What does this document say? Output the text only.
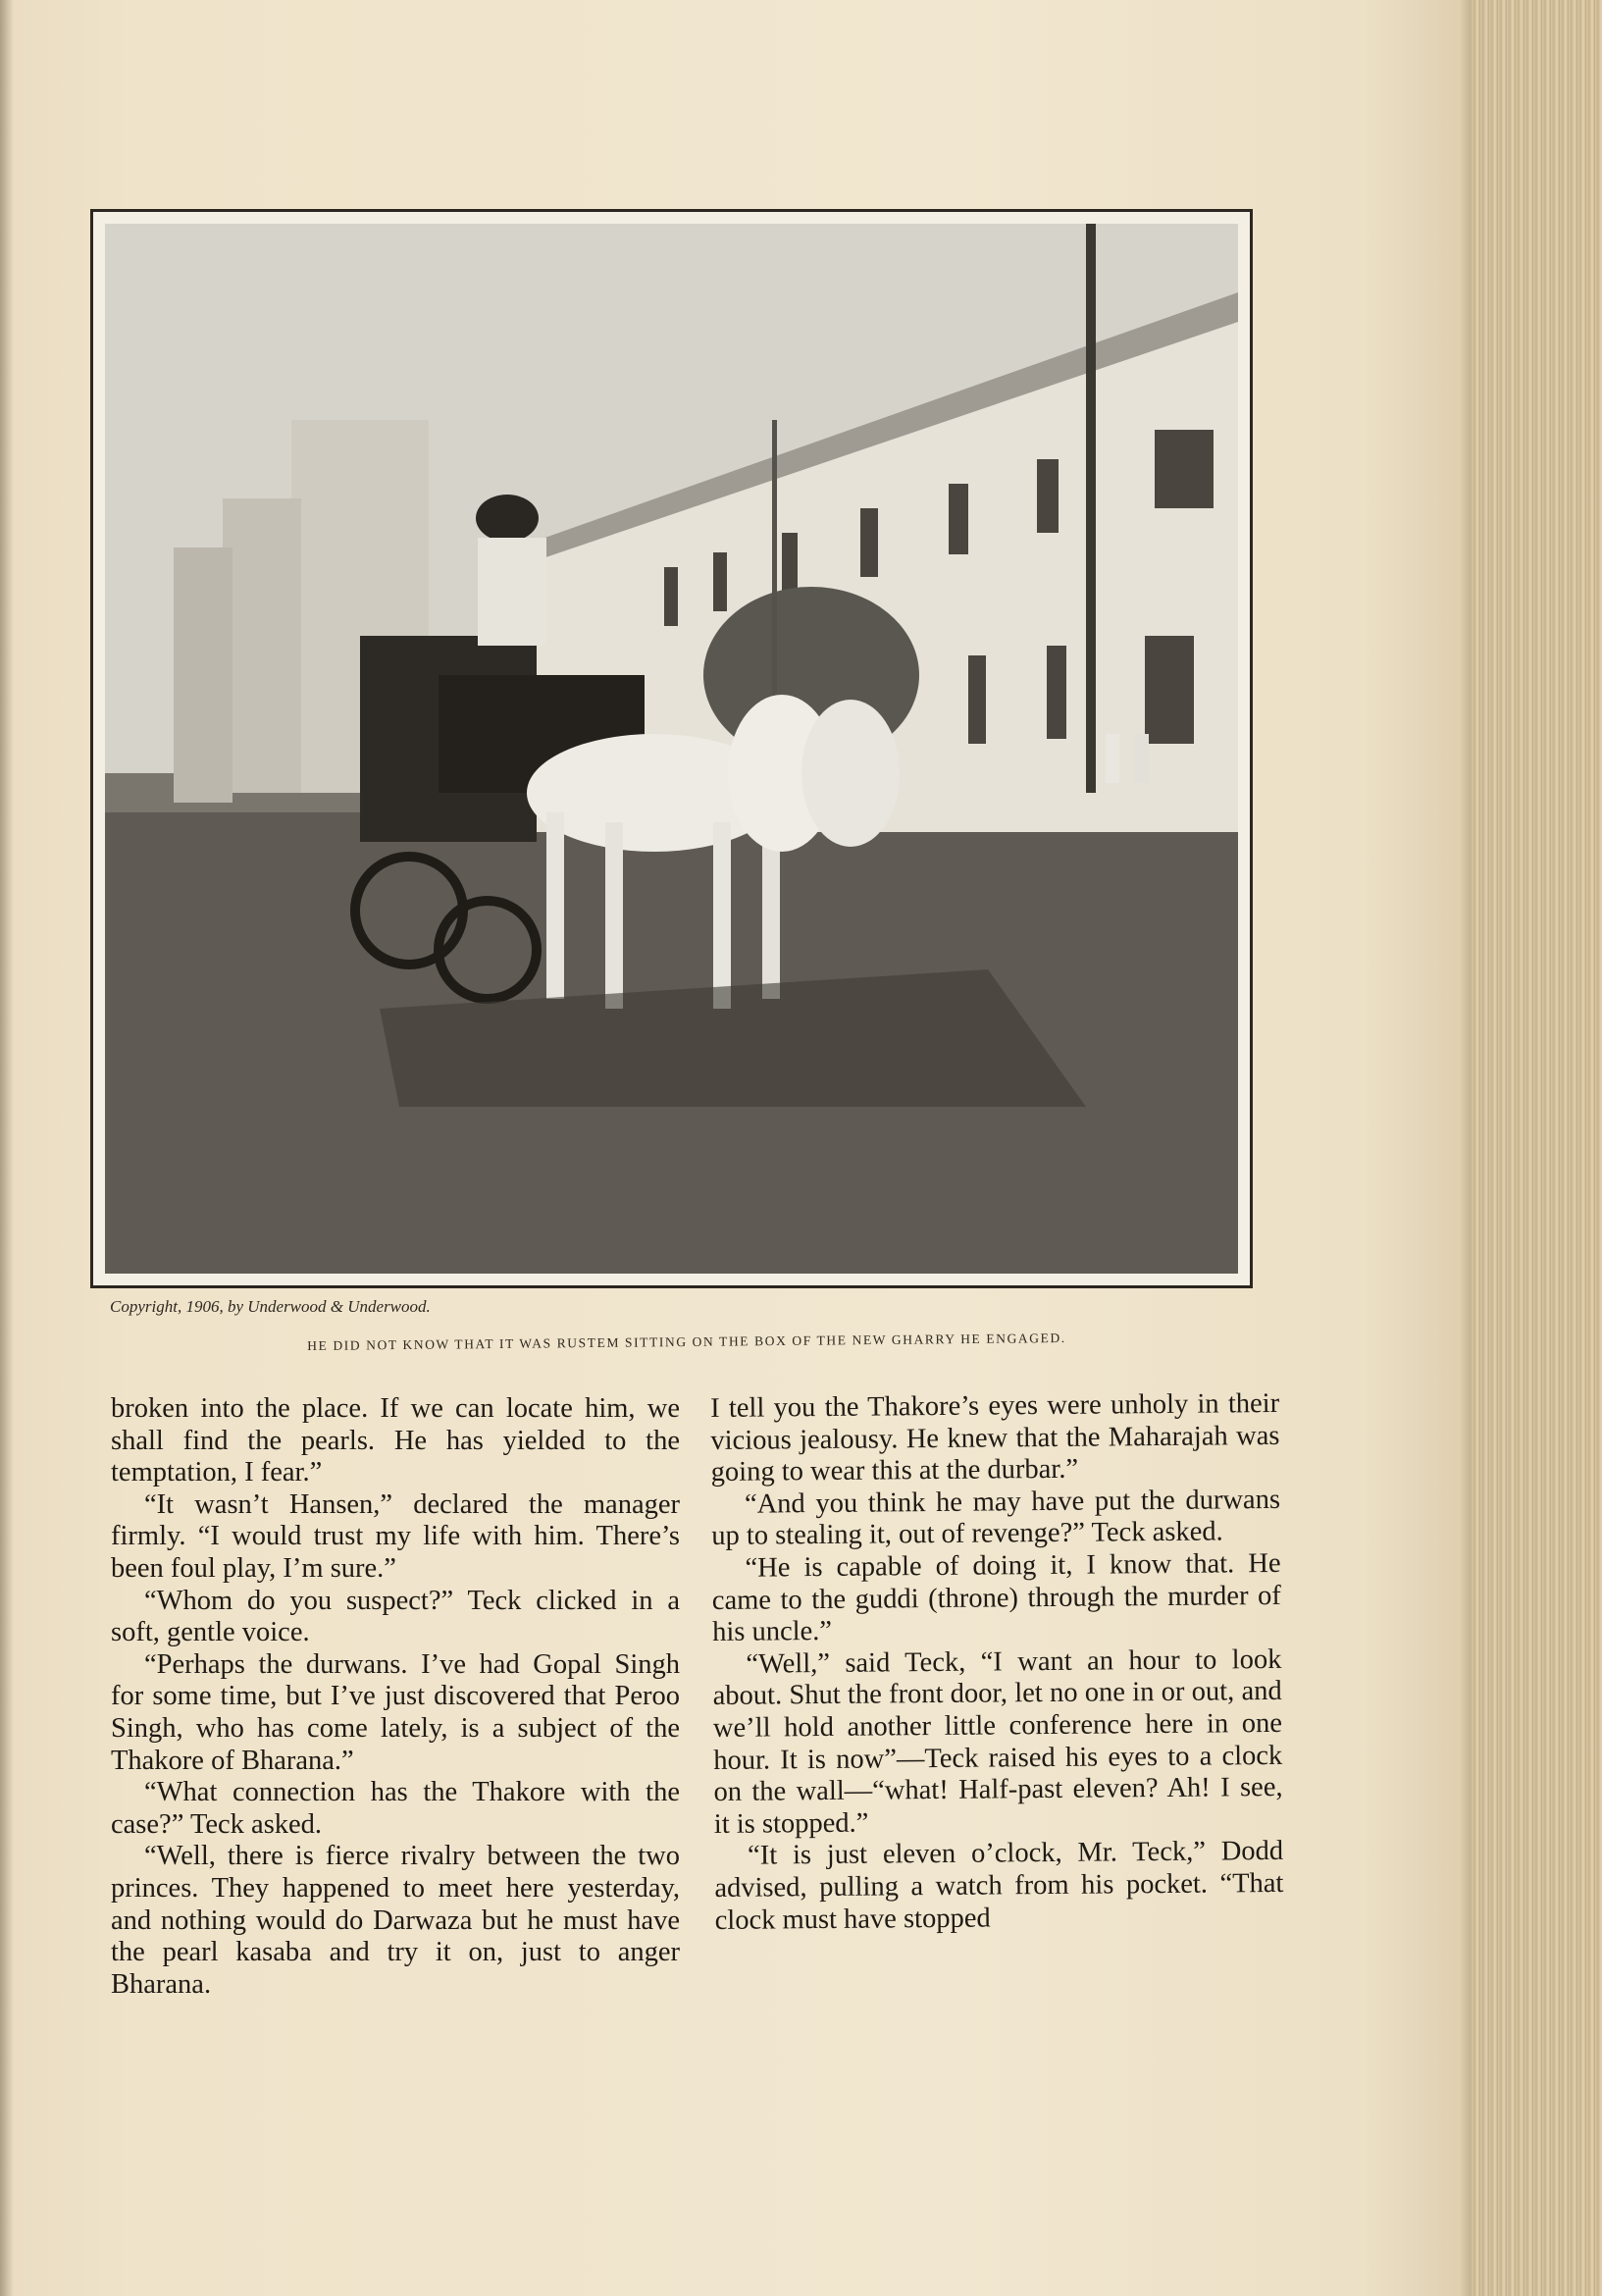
Copyright, 1906, by Underwood & Underwood.
HE DID NOT KNOW THAT IT WAS RUSTEM SITTING ON THE BOX OF THE NEW GHARRY HE ENGAGED.

broken into the place. If we can locate him, we shall find the pearls. He has yielded to the temptation, I fear.”

“It wasn’t Hansen,” declared the manager firmly. “I would trust my life with him. There’s been foul play, I’m sure.”

“Whom do you suspect?” Teck clicked in a soft, gentle voice.

“Perhaps the durwans. I’ve had Gopal Singh for some time, but I’ve just discovered that Peroo Singh, who has come lately, is a subject of the Thakore of Bharana.”

“What connection has the Thakore with the case?” Teck asked.

“Well, there is fierce rivalry between the two princes. They happened to meet here yesterday, and nothing would do Darwaza but he must have the pearl kasaba and try it on, just to anger Bharana.

I tell you the Thakore’s eyes were unholy in their vicious jealousy. He knew that the Maharajah was going to wear this at the durbar.”

“And you think he may have put the durwans up to stealing it, out of revenge?” Teck asked.

“He is capable of doing it, I know that. He came to the guddi (throne) through the murder of his uncle.”

“Well,” said Teck, “I want an hour to look about. Shut the front door, let no one in or out, and we’ll hold another little conference here in one hour. It is now”—Teck raised his eyes to a clock on the wall—“what! Half-past eleven? Ah! I see, it is stopped.”

“It is just eleven o’clock, Mr. Teck,” Dodd advised, pulling a watch from his pocket. “That clock must have stopped
